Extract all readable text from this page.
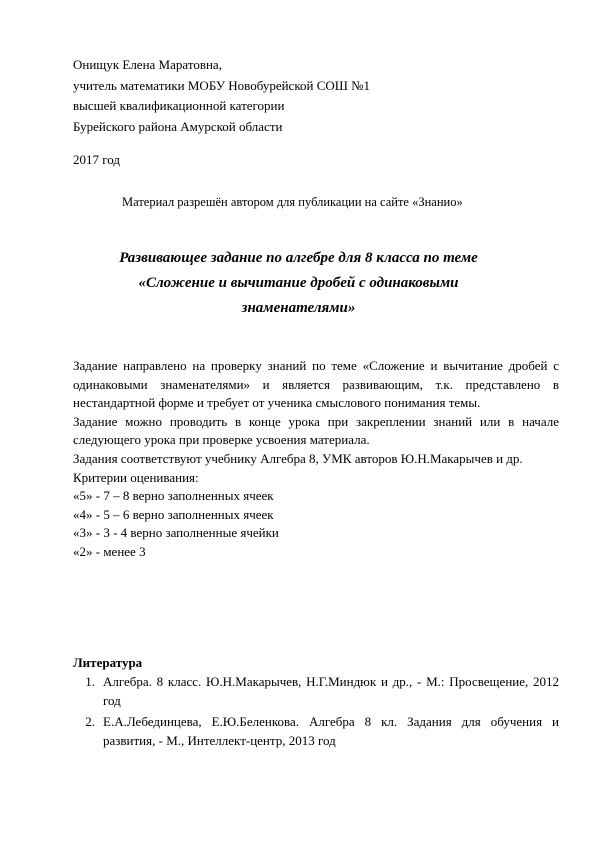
Онищук Елена Маратовна,
учитель математики МОБУ Новобурейской СОШ №1
высшей квалификационной категории
Бурейского района Амурской области
2017 год
Материал разрешён автором для публикации на сайте «Знанио»
Развивающее задание по алгебре для 8 класса по теме
«Сложение и вычитание дробей с одинаковыми
знаменателями»

Задание направлено на проверку знаний по теме «Сложение и вычитание дробей с одинаковыми знаменателями» и является развивающим, т.к. представлено в нестандартной форме и требует от ученика смыслового понимания темы.

Задание можно проводить в конце урока при закреплении знаний или в начале следующего урока при проверке усвоения материала.

Задания соответствуют учебнику Алгебра 8, УМК авторов Ю.Н.Макарычев и др.

Критерии оценивания:
«5» - 7 – 8 верно заполненных ячеек
«4» - 5 – 6 верно заполненных ячеек
«3» - 3 - 4 верно заполненные ячейки
«2» - менее 3
Литература
1. Алгебра. 8 класс. Ю.Н.Макарычев, Н.Г.Миндюк и др., - М.: Просвещение, 2012 год
2. Е.А.Лебединцева, Е.Ю.Беленкова. Алгебра 8 кл. Задания для обучения и развития, - М., Интеллект-центр, 2013 год
